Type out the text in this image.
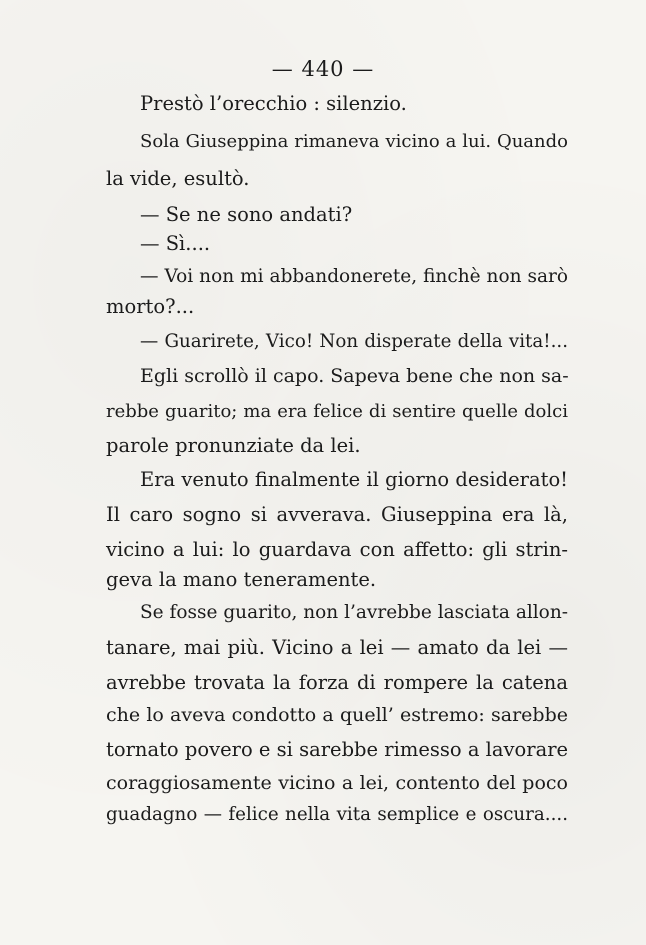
— 440 —
Prestò l’orecchio : silenzio.
Sola Giuseppina rimaneva vicino a lui. Quando
la vide, esultò.
— Se ne sono andati?
— Sì....
— Voi non mi abbandonerete, finchè non sarò
morto?...
— Guarirete, Vico! Non disperate della vita!...
Egli scrollò il capo. Sapeva bene che non sa-
rebbe guarito; ma era felice di sentire quelle dolci
parole pronunziate da lei.
Era venuto finalmente il giorno desiderato!
Il caro sogno si avverava. Giuseppina era là,
vicino a lui: lo guardava con affetto: gli strin-
geva la mano teneramente.
Se fosse guarito, non l’avrebbe lasciata allon-
tanare, mai più. Vicino a lei — amato da lei —
avrebbe trovata la forza di rompere la catena
che lo aveva condotto a quell’ estremo: sarebbe
tornato povero e si sarebbe rimesso a lavorare
coraggiosamente vicino a lei, contento del poco
guadagno — felice nella vita semplice e oscura....
